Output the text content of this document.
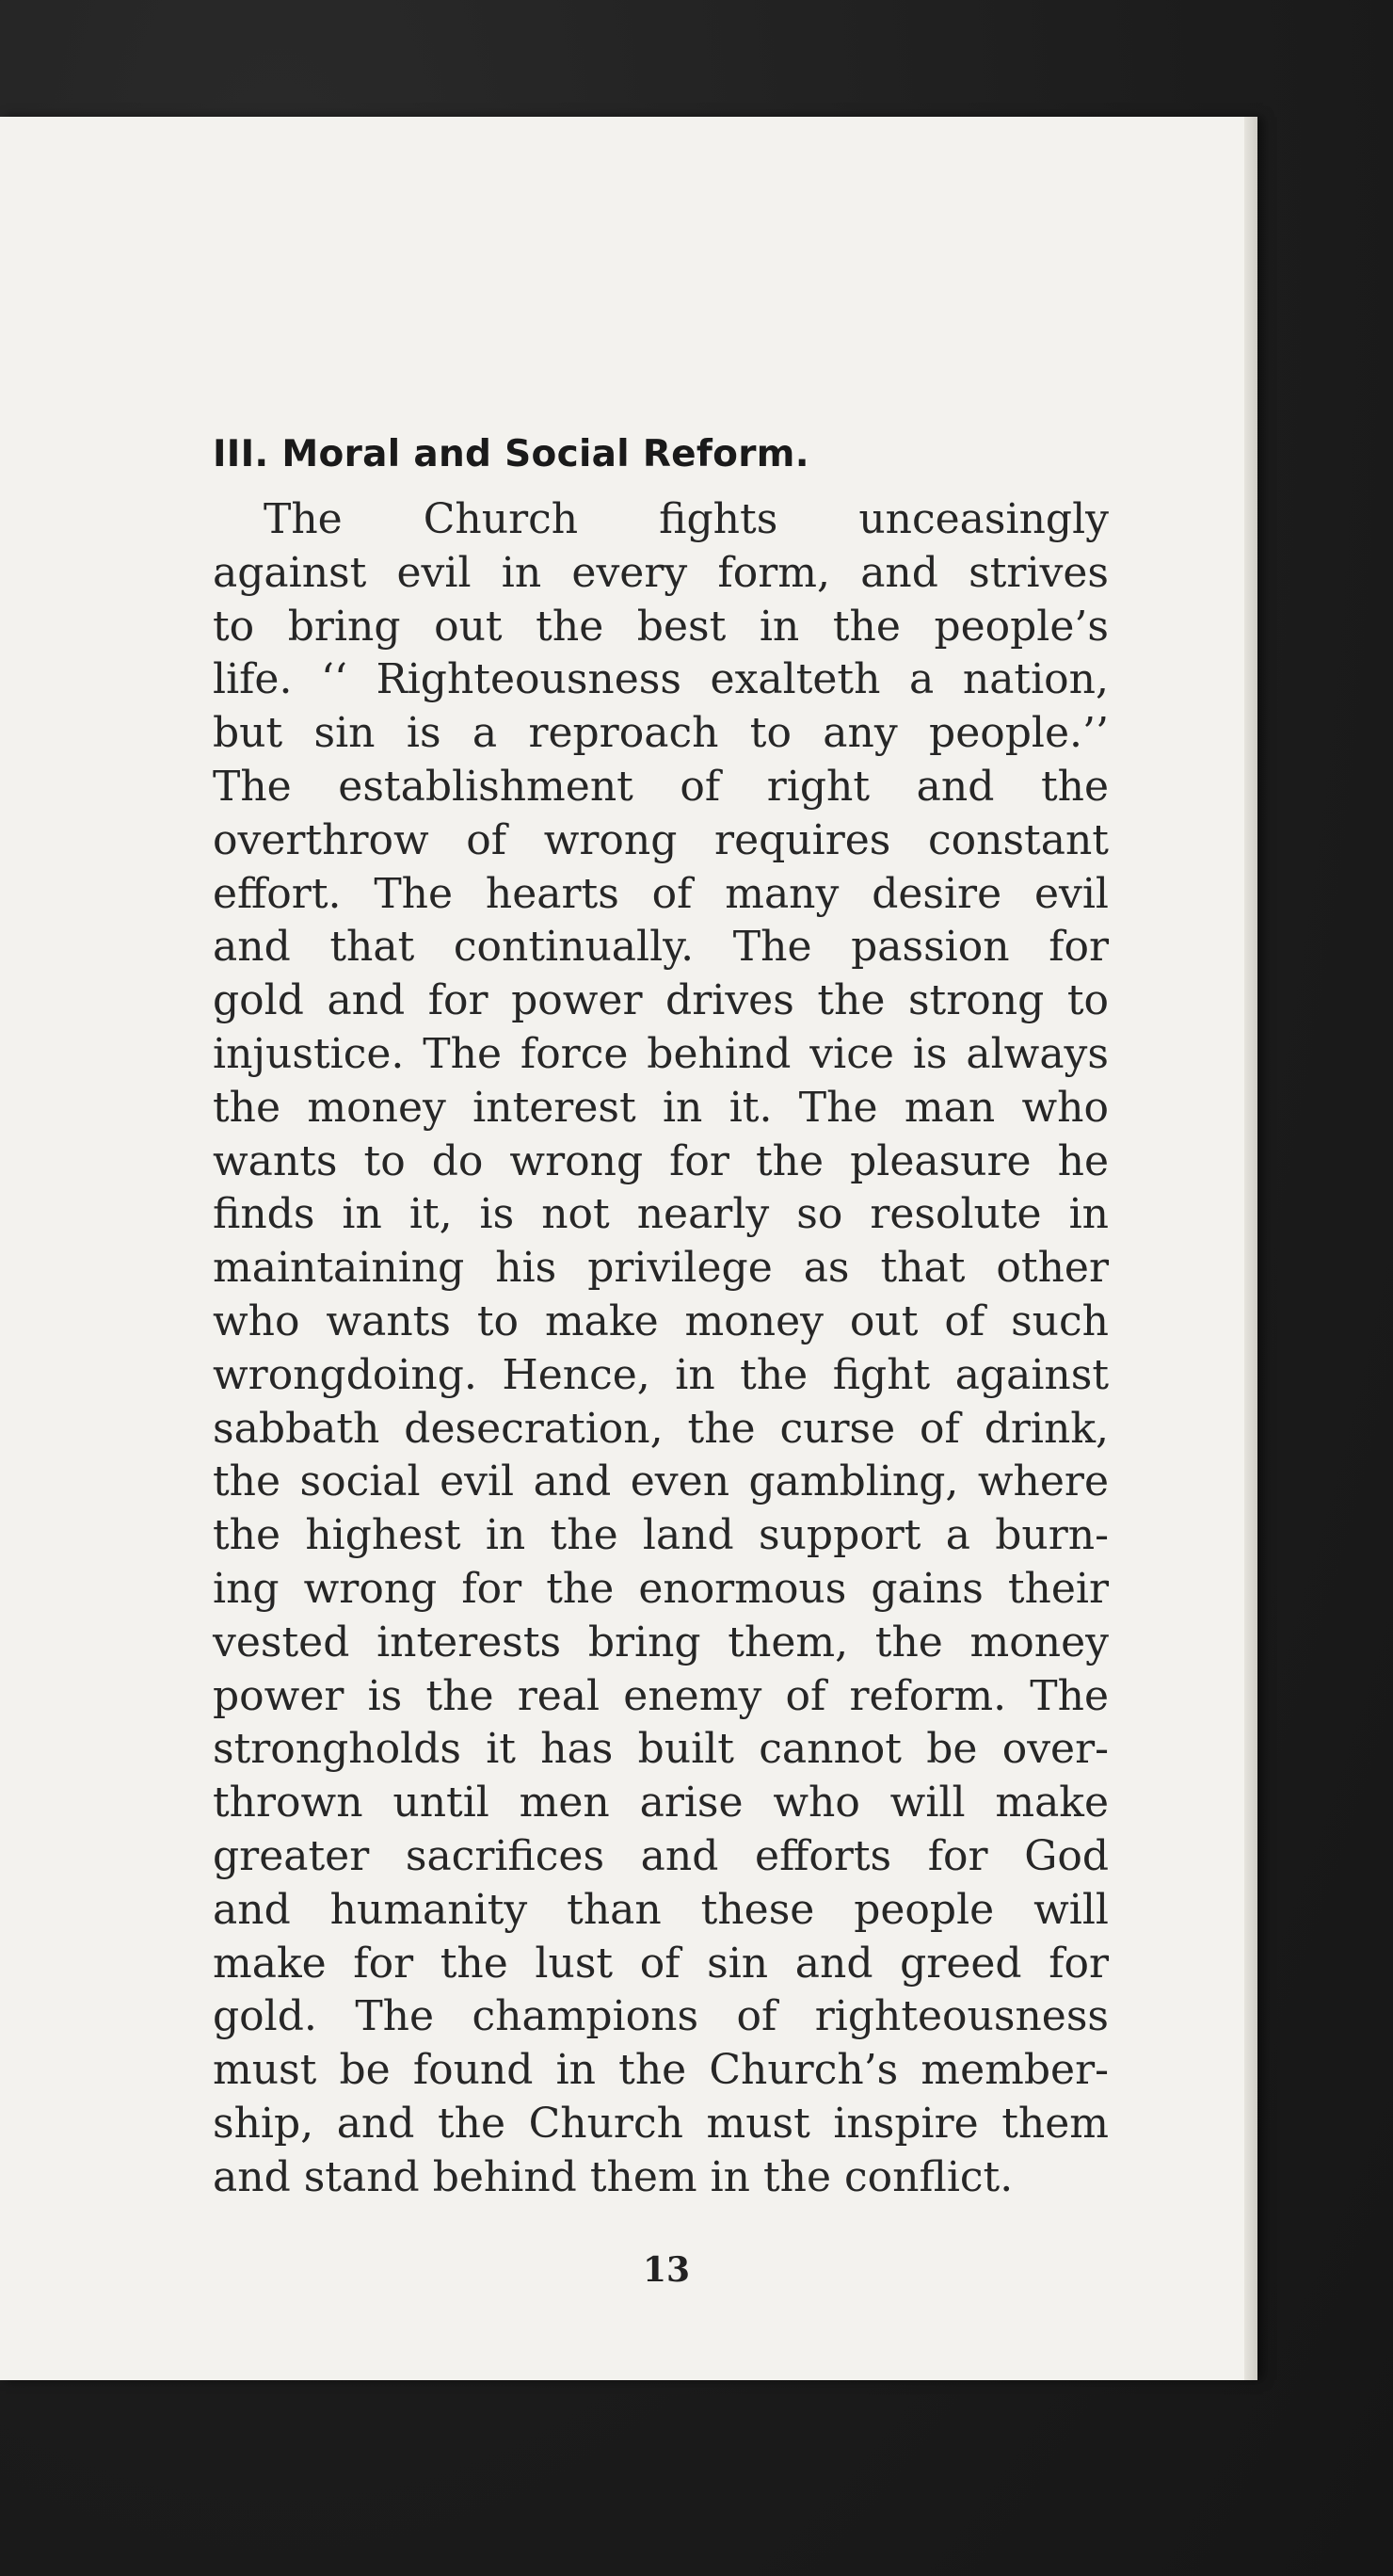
III. Moral and Social Reform.
The Church fights unceasingly
against evil in every form, and strives
to bring out the best in the people’s
life. ‘‘ Righteousness exalteth a nation,
but sin is a reproach to any people.’’
The establishment of right and the
overthrow of wrong requires constant
effort. The hearts of many desire evil
and that continually. The passion for
gold and for power drives the strong to
injustice. The force behind vice is always
the money interest in it. The man who
wants to do wrong for the pleasure he
finds in it, is not nearly so resolute in
maintaining his privilege as that other
who wants to make money out of such
wrongdoing. Hence, in the fight against
sabbath desecration, the curse of drink,
the social evil and even gambling, where
the highest in the land support a burn-
ing wrong for the enormous gains their
vested interests bring them, the money
power is the real enemy of reform. The
strongholds it has built cannot be over-
thrown until men arise who will make
greater sacrifices and efforts for God
and humanity than these people will
make for the lust of sin and greed for
gold. The champions of righteousness
must be found in the Church’s member-
ship, and the Church must inspire them
and stand behind them in the conflict.
13
